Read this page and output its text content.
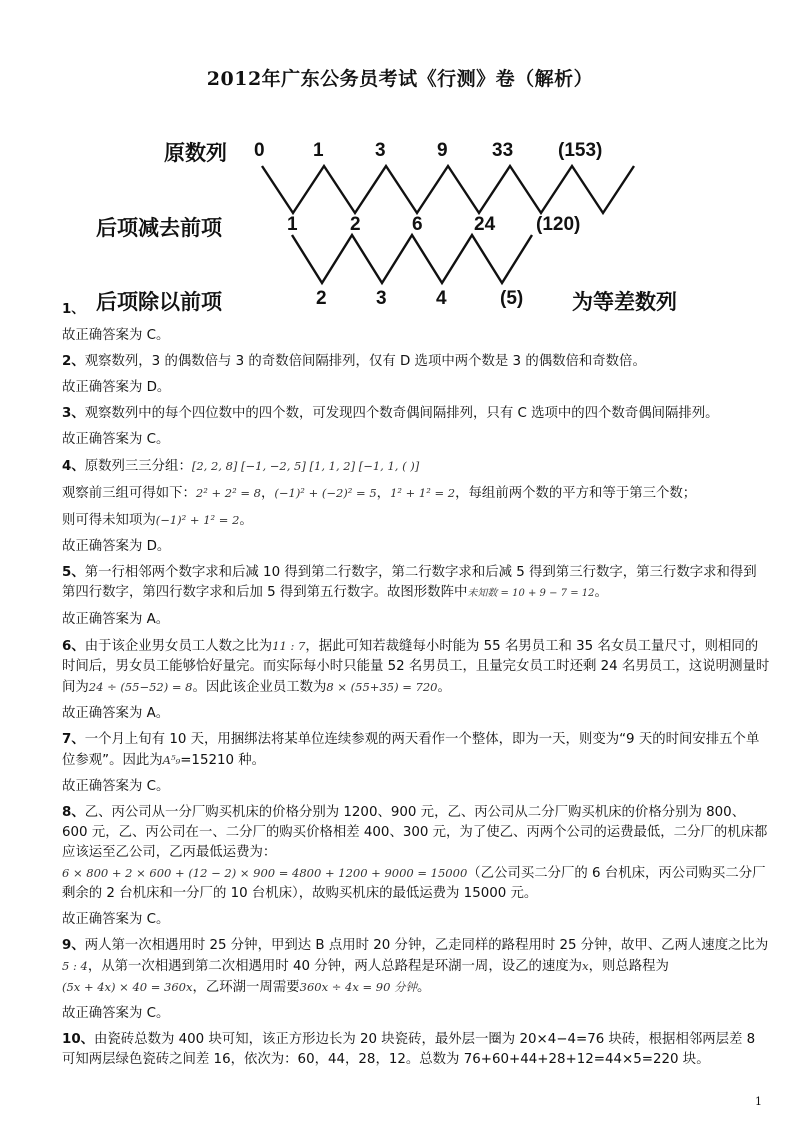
2012年广东公务员考试《行测》卷（解析）
原数列 0	1	3	9 33 (153)
后项减去前项	1	2	6	24 (120)
后项除以前项	2	3	4	(5) 为等差数列

1、

故正确答案为 C。

2、观察数列，3 的偶数倍与 3 的奇数倍间隔排列，仅有 D 选项中两个数是 3 的偶数倍和奇数倍。

故正确答案为 D。

3、观察数列中的每个四位数中的四个数，可发现四个数奇偶间隔排列，只有 C 选项中的四个数奇偶间隔排列。

故正确答案为 C。

4、原数列三三分组：[2, 2, 8] [−1, −2, 5] [1, 1, 2] [−1, 1, ( )]

观察前三组可得如下：2² + 2² = 8，(−1)² + (−2)² = 5，1² + 1² = 2，每组前两个数的平方和等于第三个数；

则可得未知项为(−1)² + 1² = 2。

故正确答案为 D。

5、第一行相邻两个数字求和后减 10 得到第二行数字，第二行数字求和后减 5 得到第三行数字，第三行数字求和得到第四行数字，第四行数字求和后加 5 得到第五行数字。故图形数阵中未知数 = 10 + 9 − 7 = 12。

故正确答案为 A。

6、由于该企业男女员工人数之比为11 : 7，据此可知若裁缝每小时能为 55 名男员工和 35 名女员工量尺寸，则相同的时间后，男女员工能够恰好量完。而实际每小时只能量 52 名男员工，且量完女员工时还剩 24 名男员工，这说明测量时间为24 ÷ (55−52) = 8。因此该企业员工数为8 × (55+35) = 720。

故正确答案为 A。

7、一个月上旬有 10 天，用捆绑法将某单位连续参观的两天看作一个整体，即为一天，则变为“9 天的时间安排五个单位参观”。因此为A⁵₉=15210 种。

故正确答案为 C。

8、乙、丙公司从一分厂购买机床的价格分别为 1200、900 元，乙、丙公司从二分厂购买机床的价格分别为 800、600 元，乙、丙公司在一、二分厂的购买价格相差 400、300 元，为了使乙、丙两个公司的运费最低，二分厂的机床都应该运至乙公司，乙丙最低运费为：
6 × 800 + 2 × 600 + (12 − 2) × 900 = 4800 + 1200 + 9000 = 15000（乙公司买二分厂的 6 台机床，丙公司购买二分厂剩余的 2 台机床和一分厂的 10 台机床），故购买机床的最低运费为 15000 元。

故正确答案为 C。

9、两人第一次相遇用时 25 分钟，甲到达 B 点用时 20 分钟，乙走同样的路程用时 25 分钟，故甲、乙两人速度之比为5 : 4，从第一次相遇到第二次相遇用时 40 分钟，两人总路程是环湖一周，设乙的速度为x，则总路程为
(5x + 4x) × 40 = 360x，乙环湖一周需要360x ÷ 4x = 90 分钟。

故正确答案为 C。

10、由瓷砖总数为 400 块可知，该正方形边长为 20 块瓷砖，最外层一圈为 20×4−4=76 块砖，根据相邻两层差 8 可知两层绿色瓷砖之间差 16，依次为：60，44，28，12。总数为 76+60+44+28+12=44×5=220 块。

1
